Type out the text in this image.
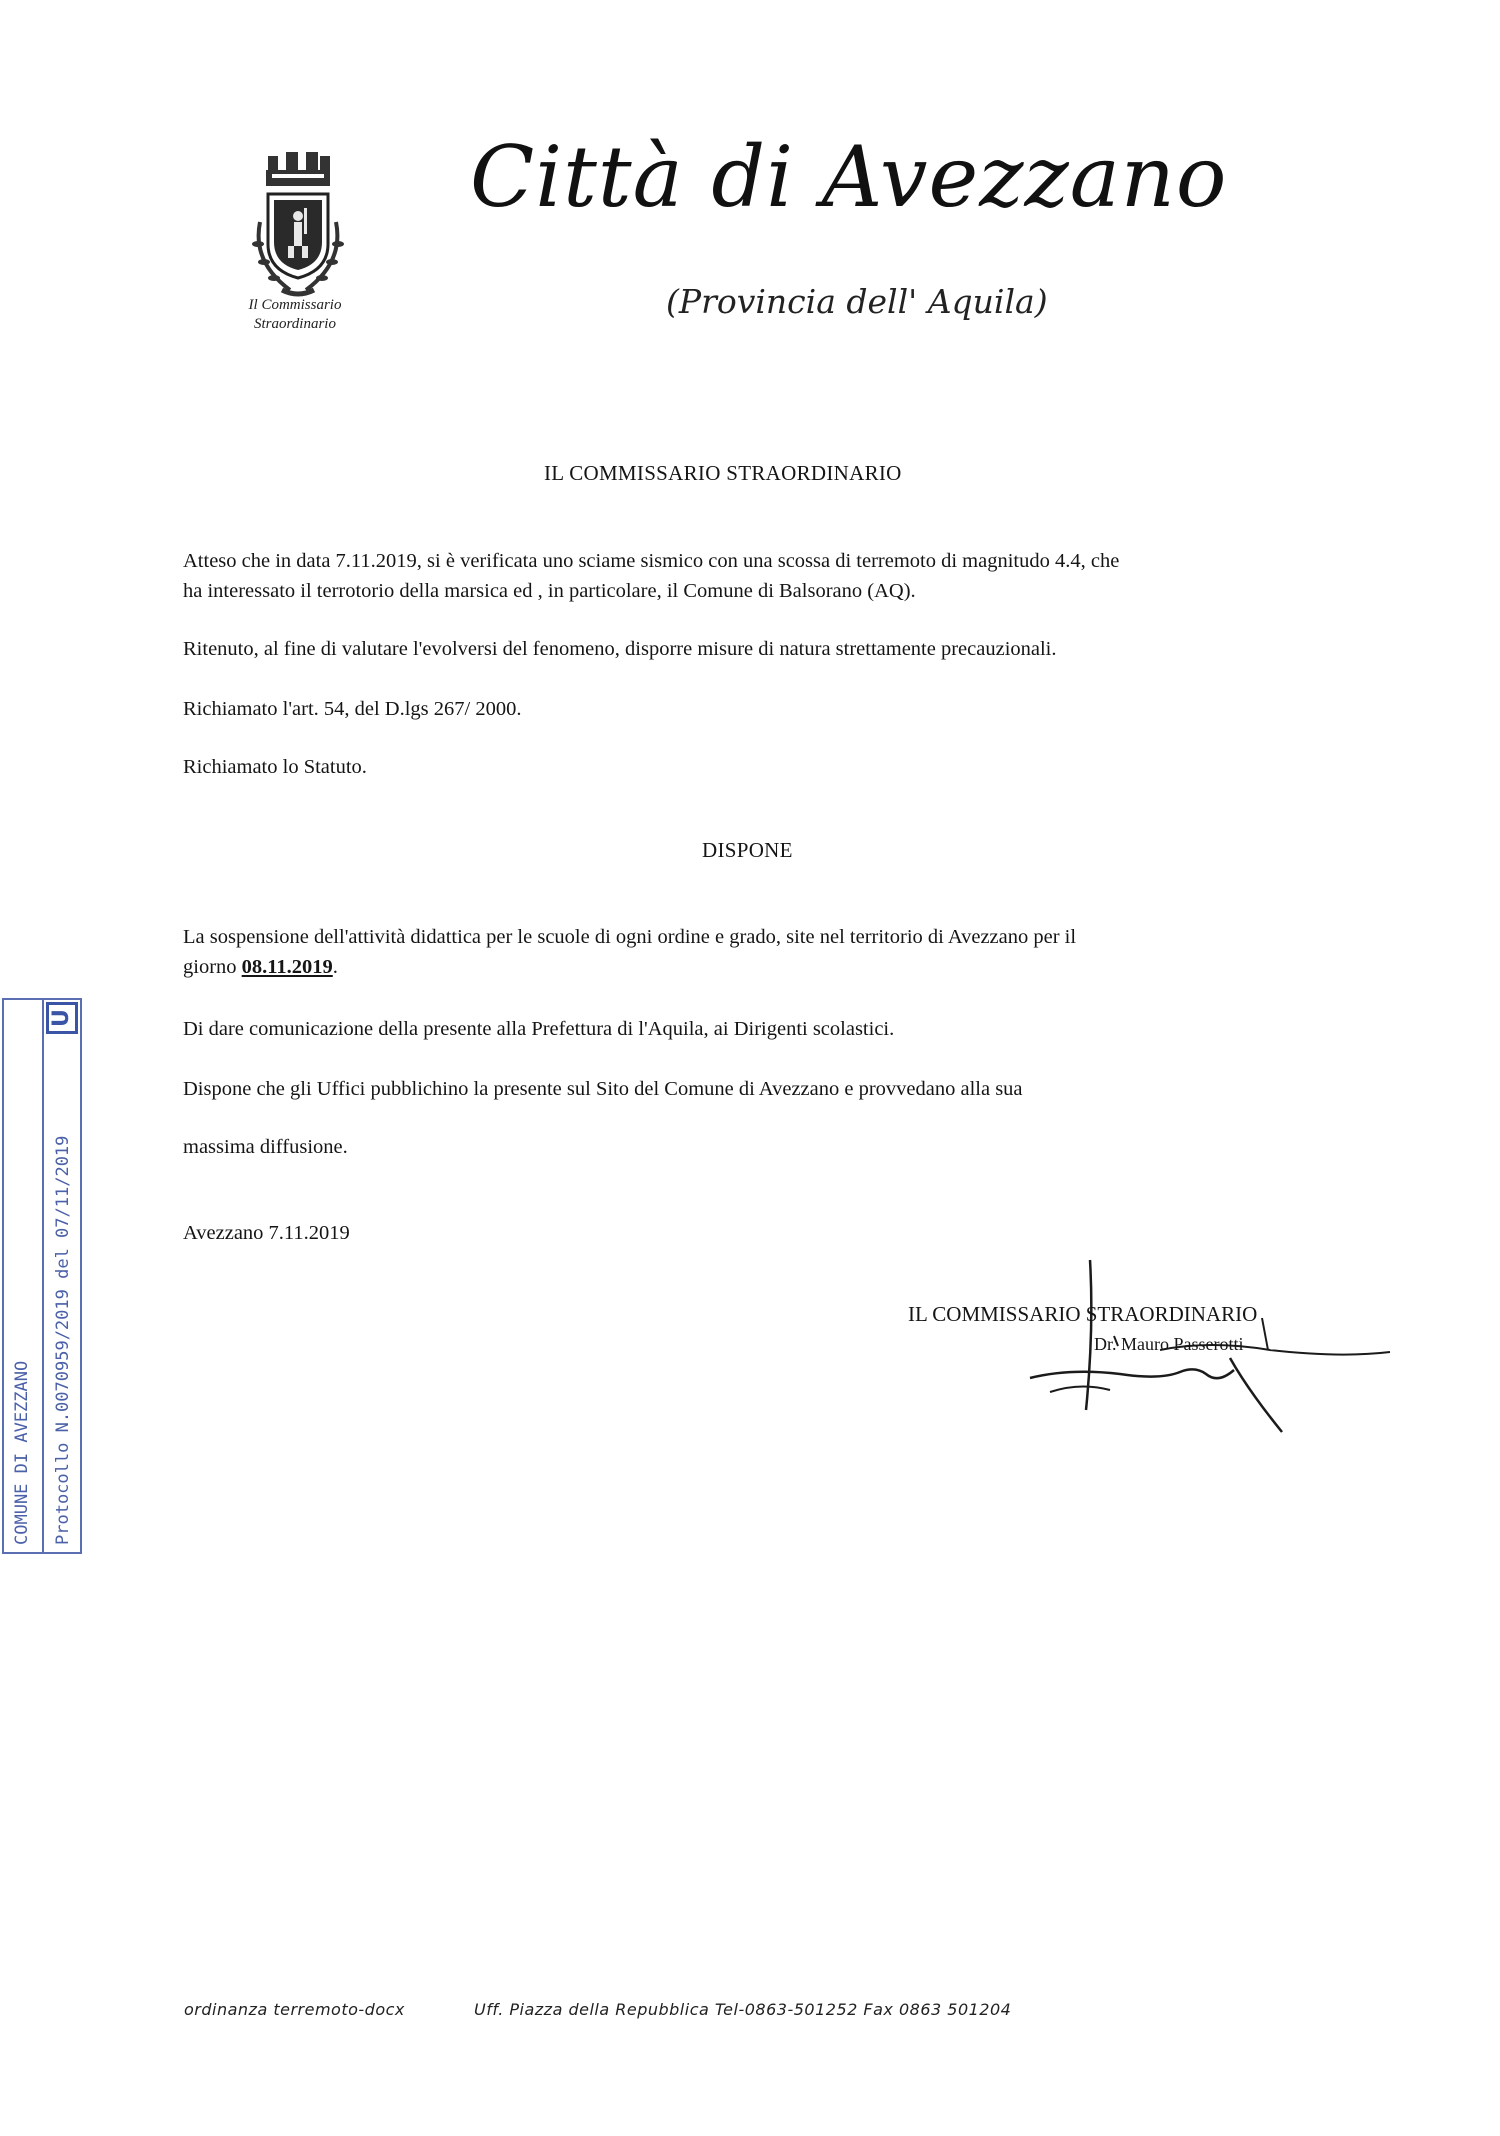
Il Commissario
Straordinario
Città di Avezzano
(Provincia dell' Aquila)
IL COMMISSARIO STRAORDINARIO
Atteso che in data 7.11.2019, si è verificata uno sciame sismico con una scossa di terremoto di magnitudo 4.4, che
ha interessato il terrotorio della marsica ed , in particolare, il Comune di Balsorano (AQ).
Ritenuto, al fine di valutare l'evolversi del fenomeno, disporre misure di natura strettamente precauzionali.
Richiamato l'art. 54, del D.lgs 267/ 2000.
Richiamato lo Statuto.
DISPONE
La sospensione dell'attività didattica per le scuole di ogni ordine e grado, site nel territorio di Avezzano per il
giorno 08.11.2019.
Di dare comunicazione della presente alla Prefettura di l'Aquila, ai Dirigenti scolastici.
Dispone che gli Uffici pubblichino la presente sul Sito del Comune di Avezzano e provvedano alla sua
massima diffusione.
Avezzano 7.11.2019
IL COMMISSARIO STRAORDINARIO
Dr. Mauro Passerotti
U
COMUNE DI AVEZZANO Protocollo N.0070959/2019 del 07/11/2019
ordinanza terremoto-docx	Uff. Piazza della Repubblica Tel-0863-501252 Fax 0863 501204
